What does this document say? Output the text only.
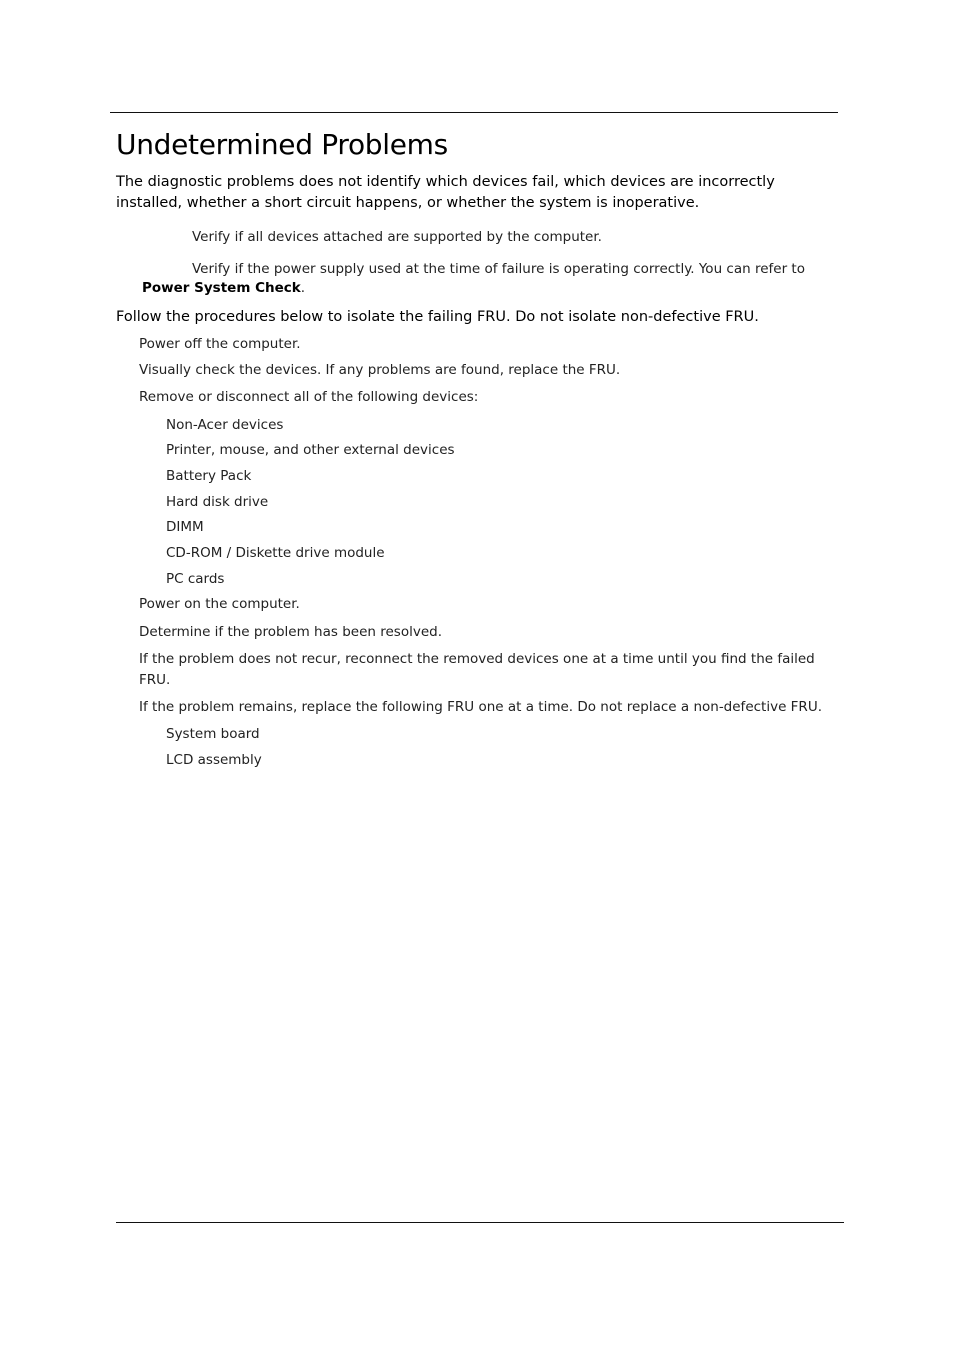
Undetermined Problems
The diagnostic problems does not identify which devices fail, which devices are incorrectly installed, whether a short circuit happens, or whether the system is inoperative.
Verify if all devices attached are supported by the computer.
Verify if the power supply used at the time of failure is operating correctly. You can refer to
Power System Check.
Follow the procedures below to isolate the failing FRU. Do not isolate non-defective FRU.
Power off the computer.
Visually check the devices. If any problems are found, replace the FRU.
Remove or disconnect all of the following devices:
Non-Acer devices
Printer, mouse, and other external devices
Battery Pack
Hard disk drive
DIMM
CD-ROM / Diskette drive module
PC cards
Power on the computer.
Determine if the problem has been resolved.
If the problem does not recur, reconnect the removed devices one at a time until you find the failed FRU.
If the problem remains, replace the following FRU one at a time. Do not replace a non-defective FRU.
System board
LCD assembly
